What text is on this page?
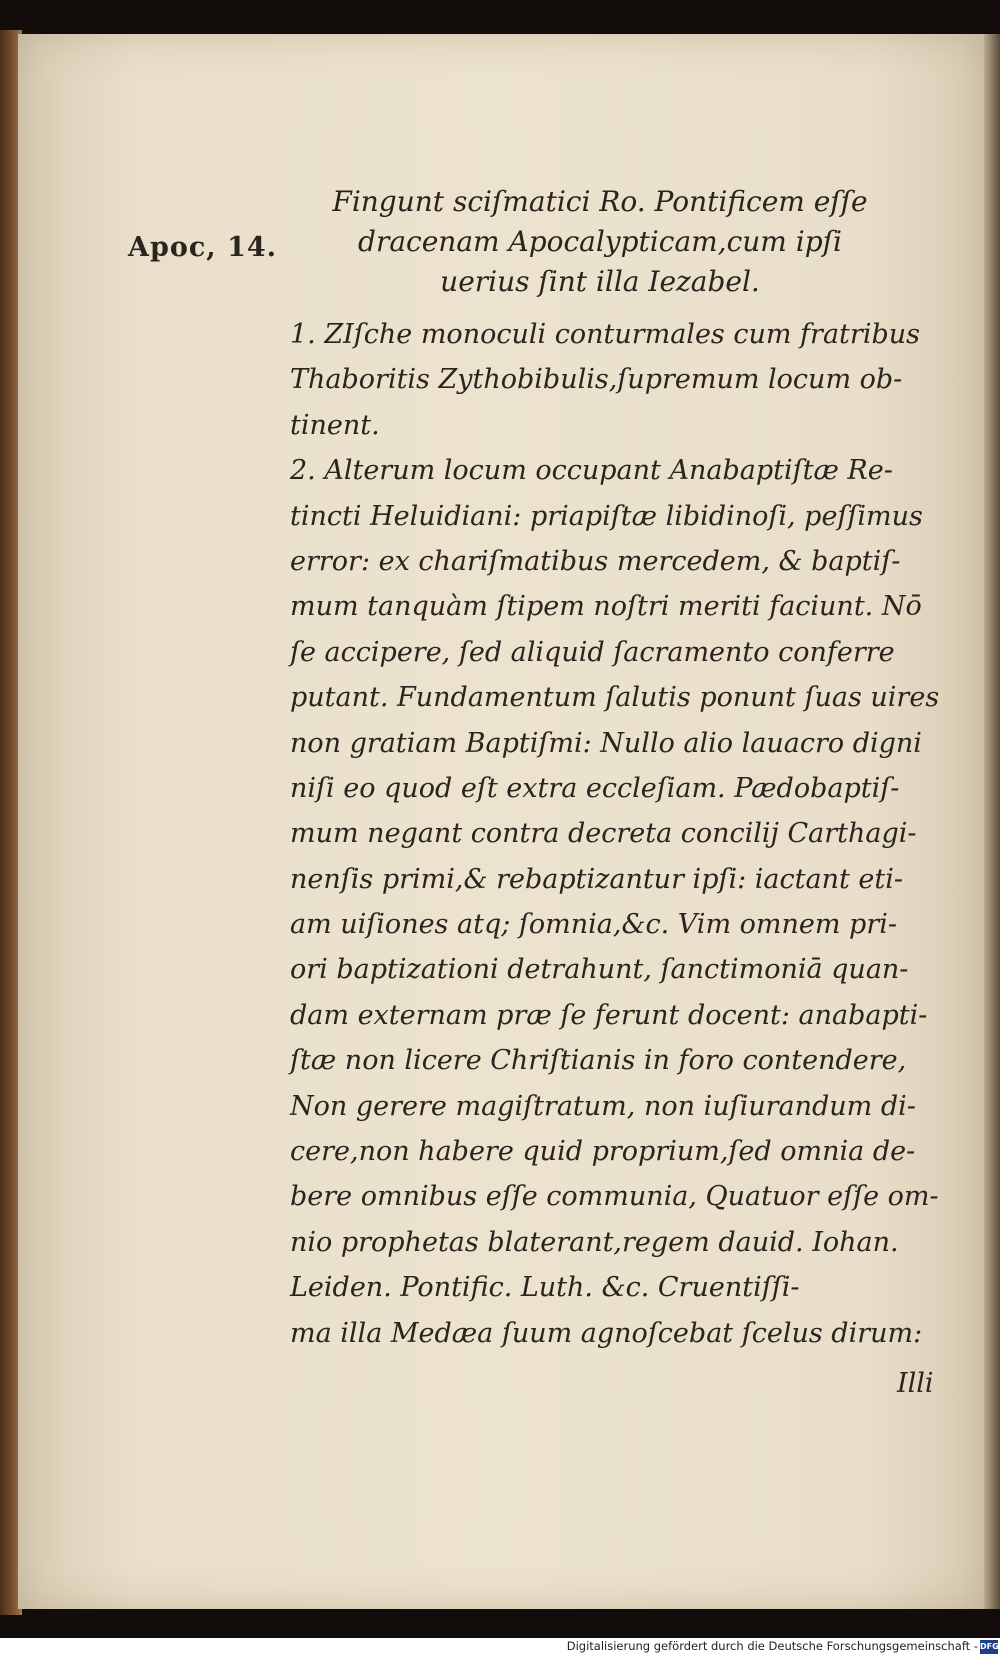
Apoc, 14.
Fingunt sciſmatici Ro. Pontificem eſſe
dracenam Apocalypticam,cum ipſi
uerius ſint illa Iezabel.
1. ZIſche monoculi conturmales cum fratribus
Thaboritis Zythobibulis,ſupremum locum ob-
tinent.
2. Alterum locum occupant Anabaptiſtæ Re-
tincti Heluidiani: priapiſtæ libidinoſi, peſſimus
error: ex chariſmatibus mercedem, & baptiſ-
mum tanquàm ſtipem noſtri meriti faciunt. Nō
ſe accipere, ſed aliquid ſacramento conferre
putant. Fundamentum ſalutis ponunt ſuas uires
non gratiam Baptiſmi: Nullo alio lauacro digni
niſi eo quod eſt extra eccleſiam. Pædobaptiſ-
mum negant contra decreta concilij Carthagi-
nenſis primi,& rebaptizantur ipſi: iactant eti-
am uiſiones atq; ſomnia,&c. Vim omnem pri-
ori baptizationi detrahunt, ſanctimoniā quan-
dam externam præ ſe ferunt docent: anabapti-
ſtæ non licere Chriſtianis in foro contendere,
Non gerere magiſtratum, non iuſiurandum di-
cere,non habere quid proprium,ſed omnia de-
bere omnibus eſſe communia, Quatuor eſſe om-
nio prophetas blaterant,regem dauid. Iohan.
Leiden. Pontific. Luth. &c. Cruentiſſi-
ma illa Medæa ſuum agnoſcebat ſcelus dirum:
Illi
Digitalisierung gefördert durch die Deutsche Forschungsgemeinschaft - DFG
